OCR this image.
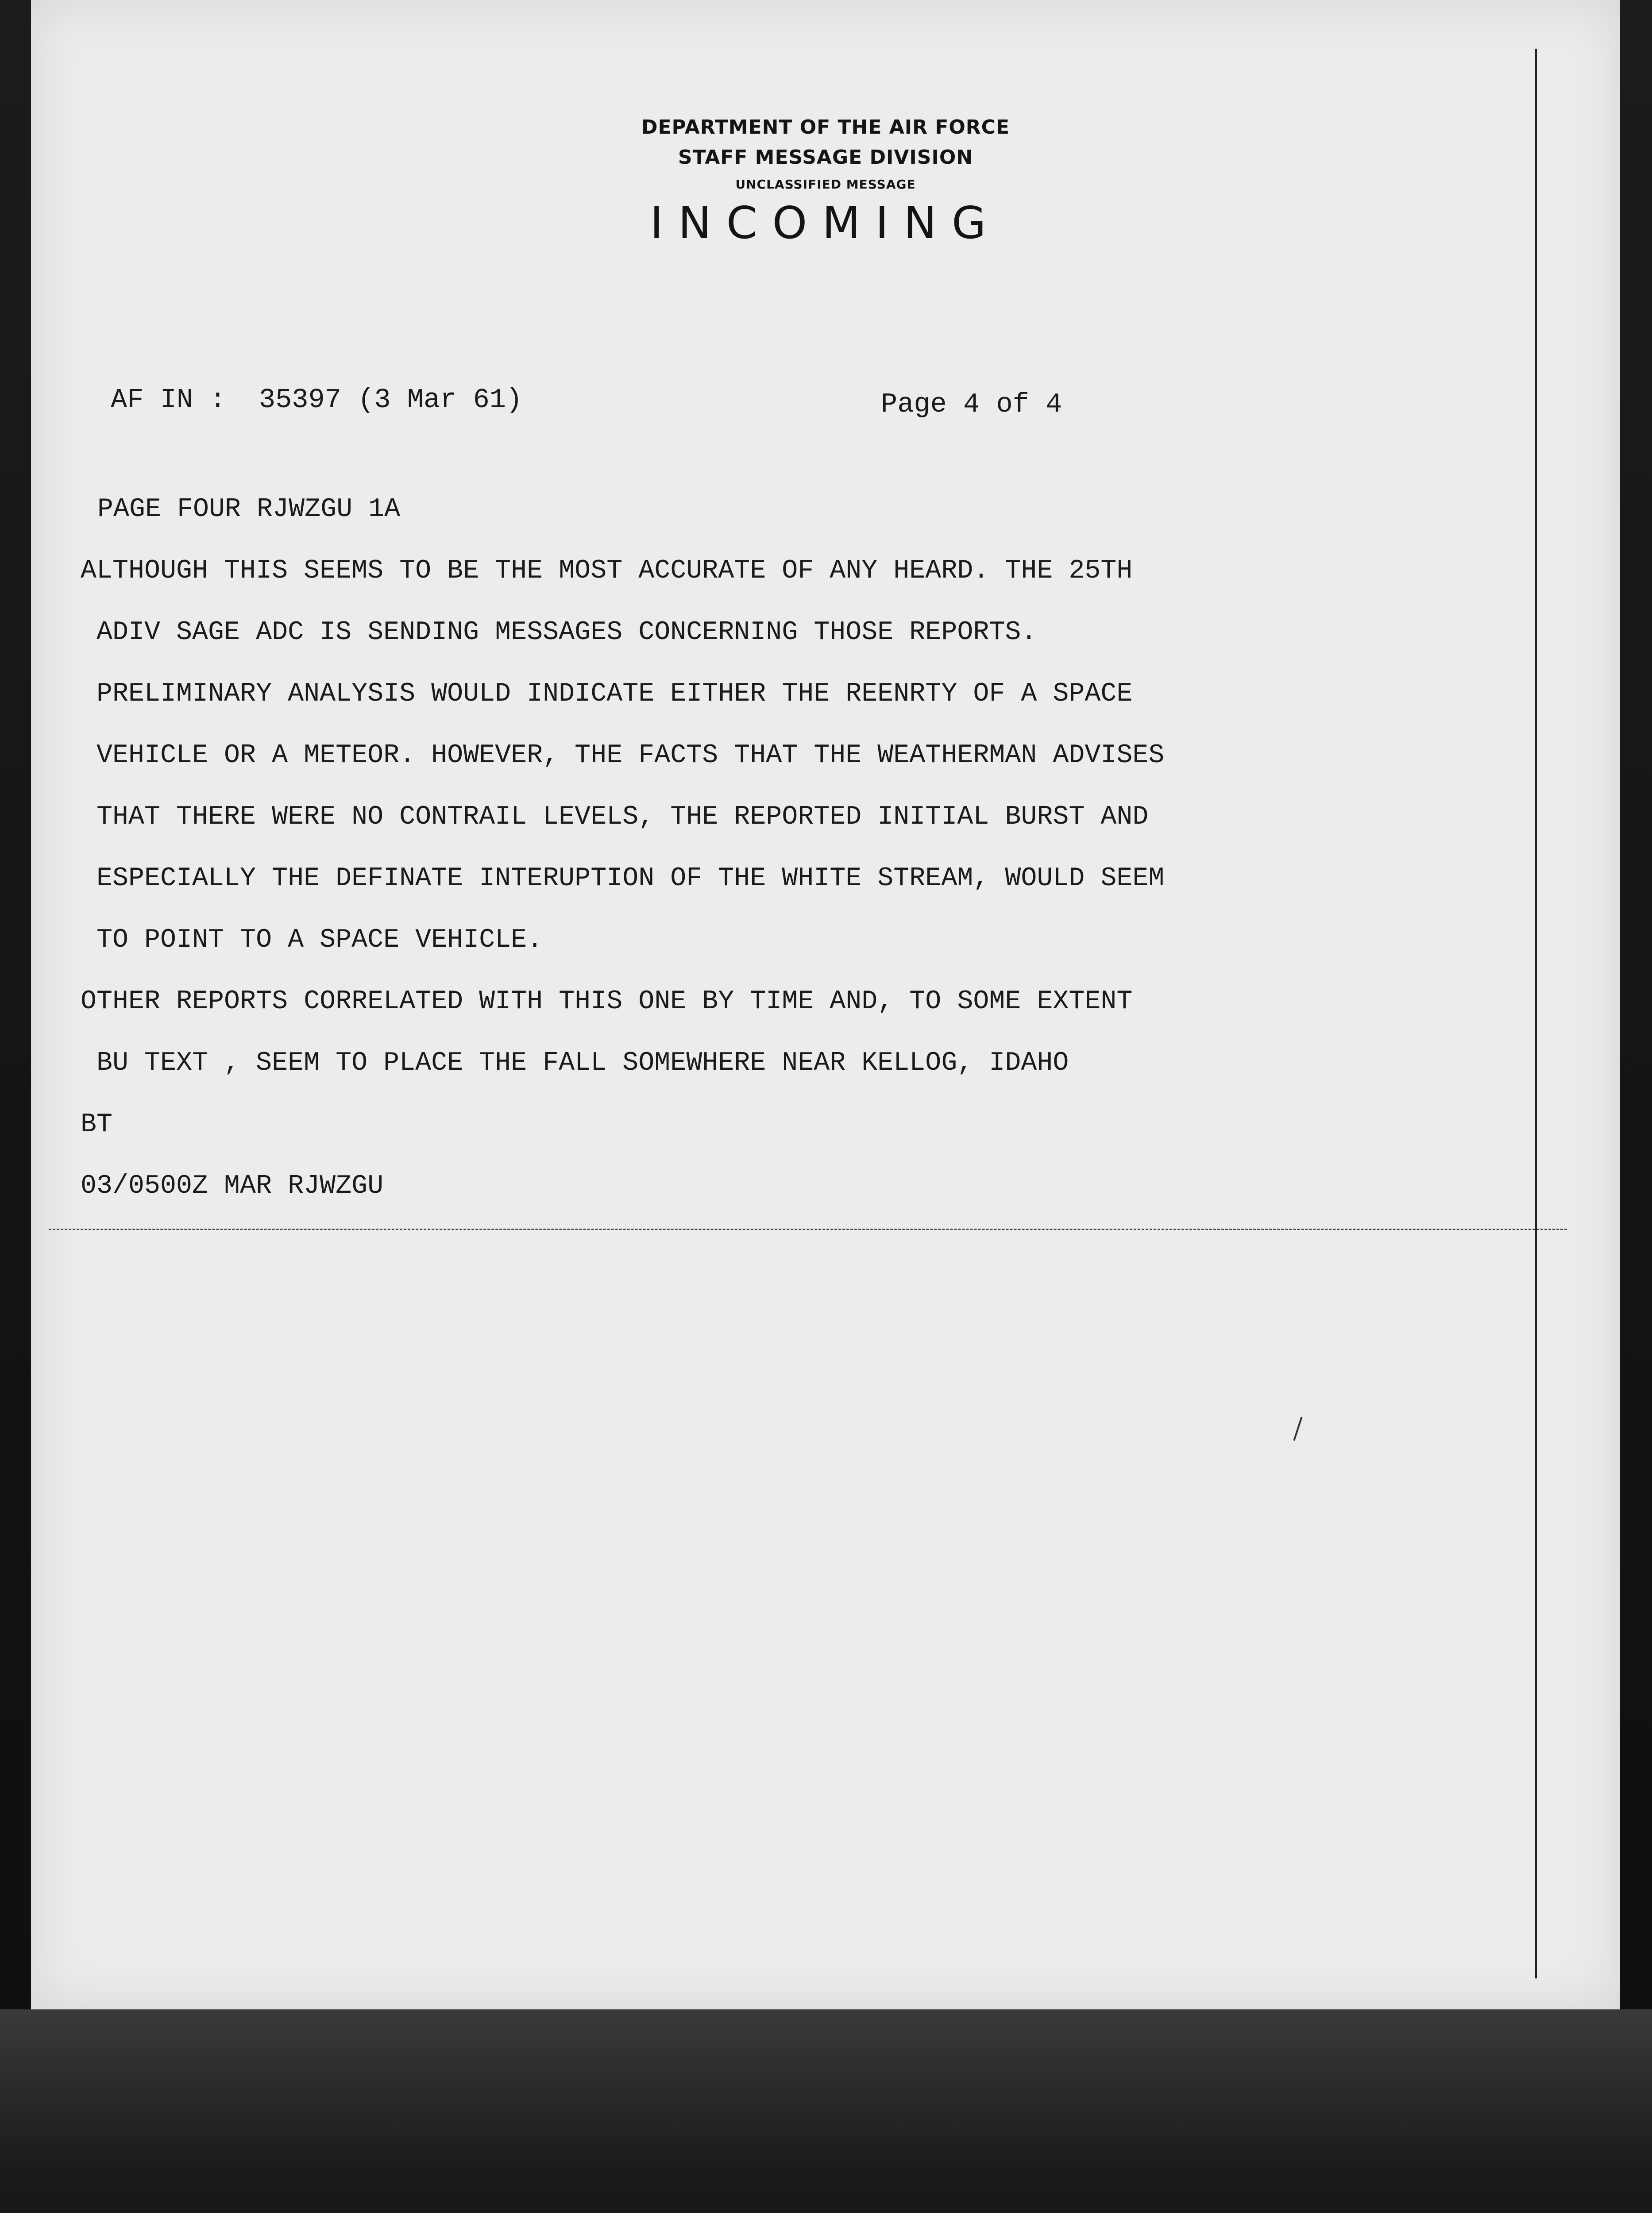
DEPARTMENT OF THE AIR FORCE
STAFF MESSAGE DIVISION
UNCLASSIFIED MESSAGE
INCOMING
AF IN : 35397 (3 Mar 61)	Page 4 of 4
PAGE FOUR RJWZGU 1A
ALTHOUGH THIS SEEMS TO BE THE MOST ACCURATE OF ANY HEARD. THE 25TH
ADIV SAGE ADC IS SENDING MESSAGES CONCERNING THOSE REPORTS.
PRELIMINARY ANALYSIS WOULD INDICATE EITHER THE REENRTY OF A SPACE
VEHICLE OR A METEOR. HOWEVER, THE FACTS THAT THE WEATHERMAN ADVISES
THAT THERE WERE NO CONTRAIL LEVELS, THE REPORTED INITIAL BURST AND
ESPECIALLY THE DEFINATE INTERUPTION OF THE WHITE STREAM, WOULD SEEM
TO POINT TO A SPACE VEHICLE.
OTHER REPORTS CORRELATED WITH THIS ONE BY TIME AND, TO SOME EXTENT
BU TEXT , SEEM TO PLACE THE FALL SOMEWHERE NEAR KELLOG, IDAHO
BT
03/0500Z MAR RJWZGU
